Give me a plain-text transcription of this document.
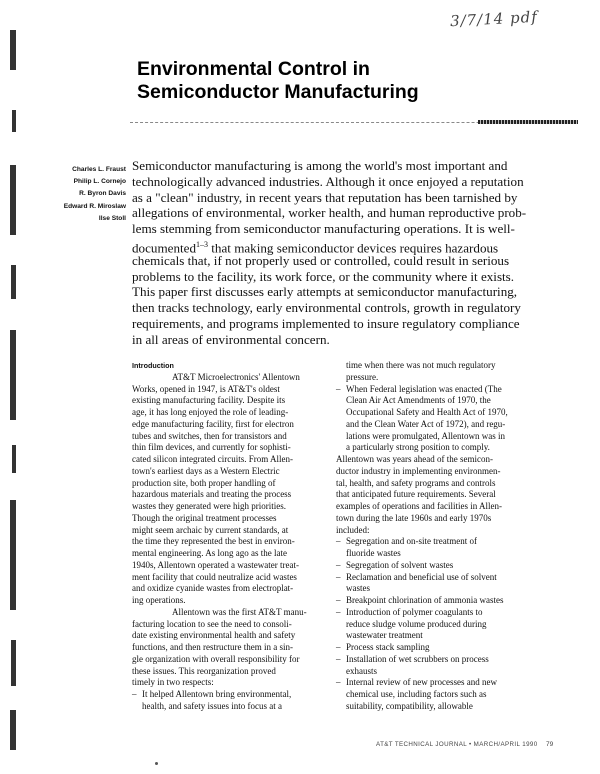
3/7/14 pdf
Environmental Control in
Semiconductor Manufacturing
Charles L. Fraust
Philip L. Cornejo
R. Byron Davis
Edward R. Miroslaw
Ilse Stoll
Semiconductor manufacturing is among the world's most important and
technologically advanced industries. Although it once enjoyed a reputation
as a "clean" industry, in recent years that reputation has been tarnished by
allegations of environmental, worker health, and human reproductive prob-
lems stemming from semiconductor manufacturing operations. It is well-
documented$^{1-3}$ that making semiconductor devices requires hazardous
chemicals that, if not properly used or controlled, could result in serious
problems to the facility, its work force, or the community where it exists.
This paper first discusses early attempts at semiconductor manufacturing,
then tracks technology, early environmental controls, growth in regulatory
requirements, and programs implemented to insure regulatory compliance
in all areas of environmental concern.
Introduction
AT&T Microelectronics' Allentown
Works, opened in 1947, is AT&T's oldest
existing manufacturing facility. Despite its
age, it has long enjoyed the role of leading-
edge manufacturing facility, first for electron
tubes and switches, then for transistors and
thin film devices, and currently for sophisti-
cated silicon integrated circuits. From Allen-
town's earliest days as a Western Electric
production site, both proper handling of
hazardous materials and treating the process
wastes they generated were high priorities.
Though the original treatment processes
might seem archaic by current standards, at
the time they represented the best in environ-
mental engineering. As long ago as the late
1940s, Allentown operated a wastewater treat-
ment facility that could neutralize acid wastes
and oxidize cyanide wastes from electroplat-
ing operations.
Allentown was the first AT&T manu-
facturing location to see the need to consoli-
date existing environmental health and safety
functions, and then restructure them in a sin-
gle organization with overall responsibility for
these issues. This reorganization proved
timely in two respects:
– It helped Allentown bring environmental,
health, and safety issues into focus at a
time when there was not much regulatory
pressure.
– When Federal legislation was enacted (The
Clean Air Act Amendments of 1970, the
Occupational Safety and Health Act of 1970,
and the Clean Water Act of 1972), and regu-
lations were promulgated, Allentown was in
a particularly strong position to comply.
Allentown was years ahead of the semicon-
ductor industry in implementing environmen-
tal, health, and safety programs and controls
that anticipated future requirements. Several
examples of operations and facilities in Allen-
town during the late 1960s and early 1970s
included:
– Segregation and on-site treatment of
fluoride wastes
– Segregation of solvent wastes
– Reclamation and beneficial use of solvent
wastes
– Breakpoint chlorination of ammonia wastes
– Introduction of polymer coagulants to
reduce sludge volume produced during
wastewater treatment
– Process stack sampling
– Installation of wet scrubbers on process
exhausts
– Internal review of new processes and new
chemical use, including factors such as
suitability, compatibility, allowable
AT&T TECHNICAL JOURNAL • MARCH/APRIL 1990 79
